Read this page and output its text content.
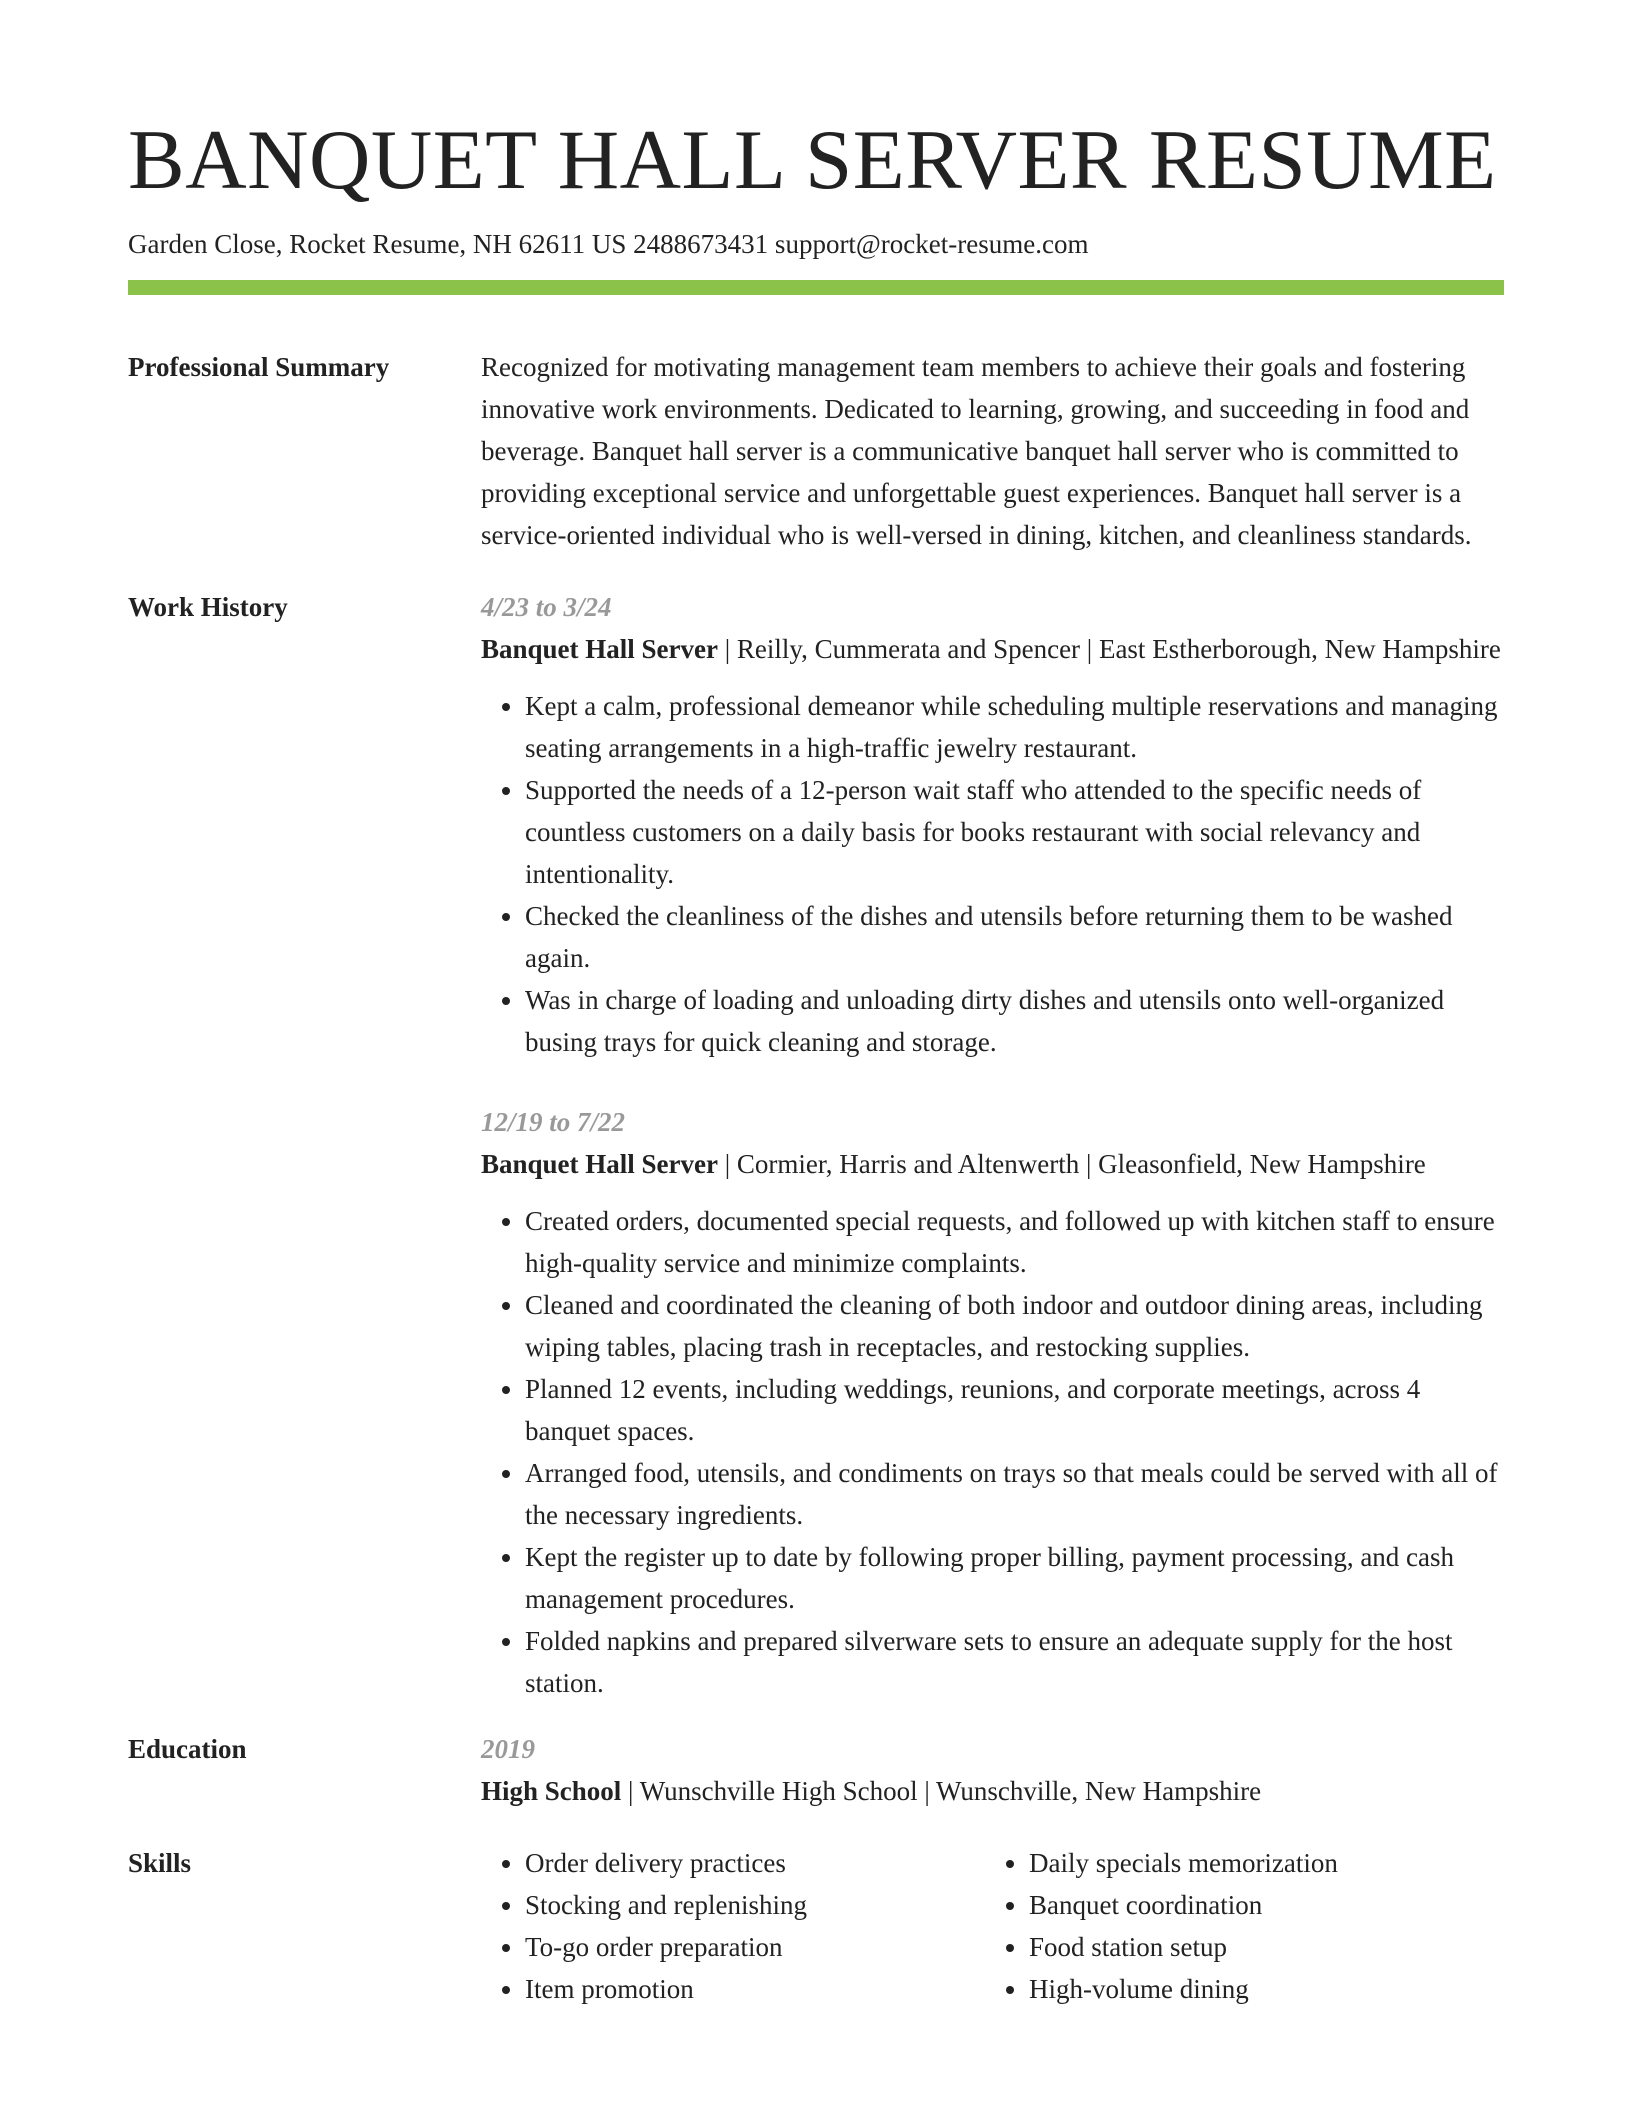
BANQUET HALL SERVER RESUME
Garden Close, Rocket Resume, NH 62611 US 2488673431 support@rocket-resume.com
Professional Summary	Recognized for motivating management team members to achieve their goals and fostering innovative work environments. Dedicated to learning, growing, and succeeding in food and beverage. Banquet hall server is a communicative banquet hall server who is committed to providing exceptional service and unforgettable guest experiences. Banquet hall server is a service-oriented individual who is well-versed in dining, kitchen, and cleanliness standards.
Work History	4/23 to 3/24
Banquet Hall Server | Reilly, Cummerata and Spencer | East Estherborough, New Hampshire
• Kept a calm, professional demeanor while scheduling multiple reservations and managing seating arrangements in a high-traffic jewelry restaurant.
• Supported the needs of a 12-person wait staff who attended to the specific needs of countless customers on a daily basis for books restaurant with social relevancy and intentionality.
• Checked the cleanliness of the dishes and utensils before returning them to be washed again.
• Was in charge of loading and unloading dirty dishes and utensils onto well-organized busing trays for quick cleaning and storage.
12/19 to 7/22
Banquet Hall Server | Cormier, Harris and Altenwerth | Gleasonfield, New Hampshire
• Created orders, documented special requests, and followed up with kitchen staff to ensure high-quality service and minimize complaints.
• Cleaned and coordinated the cleaning of both indoor and outdoor dining areas, including wiping tables, placing trash in receptacles, and restocking supplies.
• Planned 12 events, including weddings, reunions, and corporate meetings, across 4 banquet spaces.
• Arranged food, utensils, and condiments on trays so that meals could be served with all of the necessary ingredients.
• Kept the register up to date by following proper billing, payment processing, and cash management procedures.
• Folded napkins and prepared silverware sets to ensure an adequate supply for the host station.
Education	2019
High School | Wunschville High School | Wunschville, New Hampshire
Skills
•	Order delivery practices
• Stocking and replenishing
• To-go order preparation
• Item promotion
• Daily specials memorization
• Banquet coordination
• Food station setup
• High-volume dining
